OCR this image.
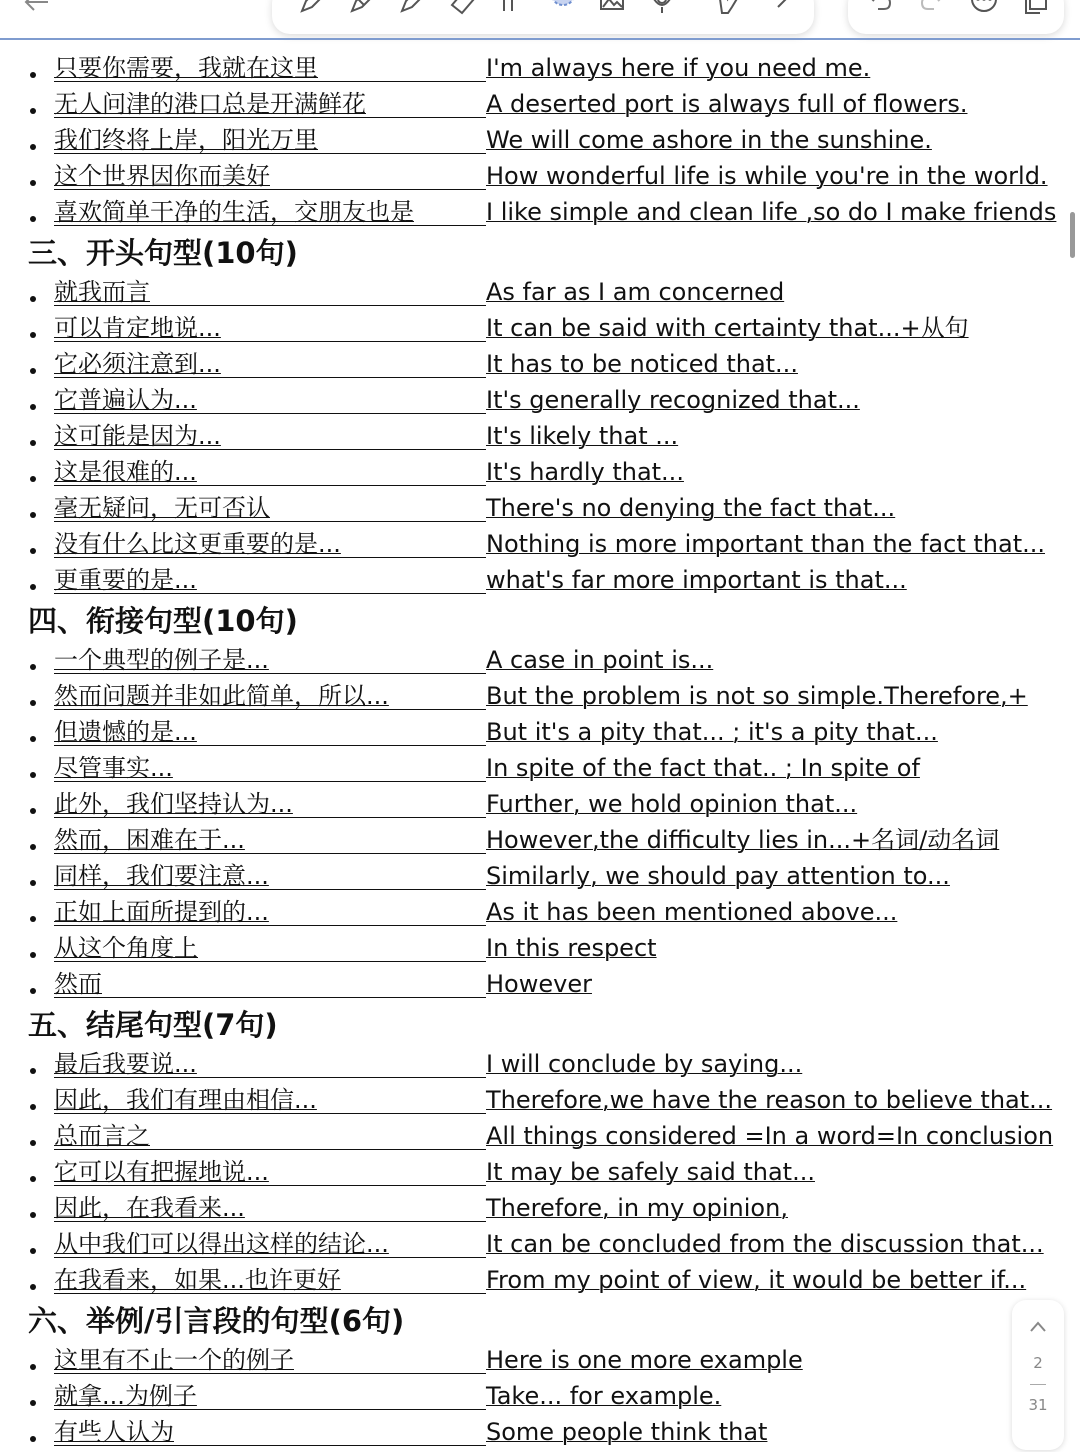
只要你需要，我就在这里	I'm always here if you need me.
无人问津的港口总是开满鲜花	A deserted port is always full of flowers.
我们终将上岸，阳光万里	We will come ashore in the sunshine.
这个世界因你而美好	How wonderful life is while you're in the world.
喜欢简单干净的生活，交朋友也是	I like simple and clean life ,so do I make friends
三、开头句型(10句)
就我而言	As far as I am concerned
可以肯定地说...	It can be said with certainty that...+从句
它必须注意到...	It has to be noticed that...
它普遍认为...	It's generally recognized that...
这可能是因为...	It's likely that ...
这是很难的...	It's hardly that...
毫无疑问，无可否认	There's no denying the fact that...
没有什么比这更重要的是...	Nothing is more important than the fact that...
更重要的是...	what's far more important is that...
四、衔接句型(10句)
一个典型的例子是...	A case in point is...
然而问题并非如此简单，所以...	But the problem is not so simple.Therefore,+
但遗憾的是...	But it's a pity that... ; it's a pity that...
尽管事实...	In spite of the fact that.. ; In spite of
此外，我们坚持认为...	Further, we hold opinion that...
然而，困难在于...	However,the difficulty lies in...+名词/动名词
同样，我们要注意...	Similarly, we should pay attention to...
正如上面所提到的...	As it has been mentioned above...
从这个角度上	In this respect
然而	However
五、结尾句型(7句)
最后我要说...	I will conclude by saying...
因此，我们有理由相信...	Therefore,we have the reason to believe that...
总而言之	All things considered =In a word=In conclusion
它可以有把握地说...	It may be safely said that...
因此，在我看来...	Therefore, in my opinion,
从中我们可以得出这样的结论...	It can be concluded from the discussion that...
在我看来，如果...也许更好	From my point of view, it would be better if...
六、举例/引言段的句型(6句)
这里有不止一个的例子	Here is one more example
就拿...为例子	Take... for example.
有些人认为	Some people think that
2
31
